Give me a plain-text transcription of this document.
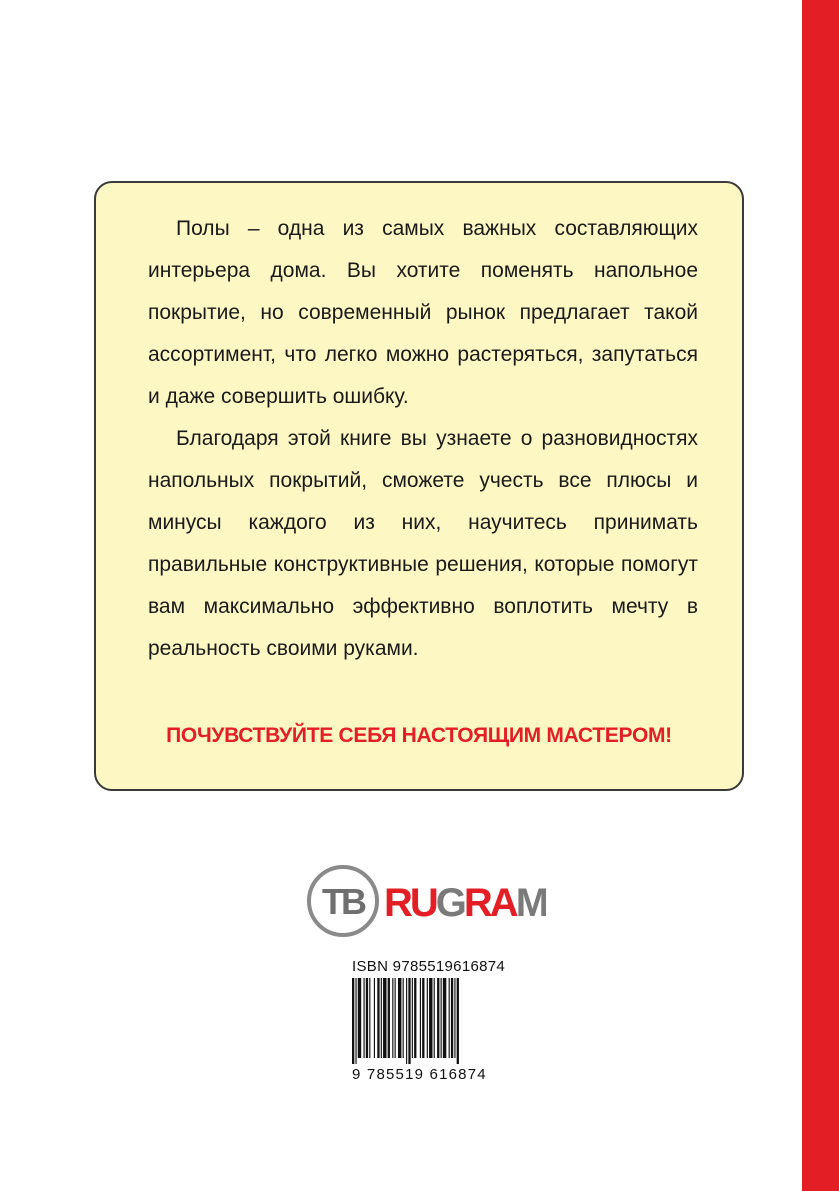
Полы – одна из самых важных составляющих интерьера дома. Вы хотите поменять напольное покрытие, но современный рынок предлагает такой ассортимент, что легко можно растеряться, запутаться и даже совершить ошибку.

Благодаря этой книге вы узнаете о разновидностях напольных покрытий, сможете учесть все плюсы и минусы каждого из них, научитесь принимать правильные конструктивные решения, которые помогут вам максимально эффективно воплотить мечту в реальность своими руками.

ПОЧУВСТВУЙТЕ СЕБЯ НАСТОЯЩИМ МАСТЕРОМ!

ТВ RUGRAM
ISBN 9785519616874
9 785519 616874
